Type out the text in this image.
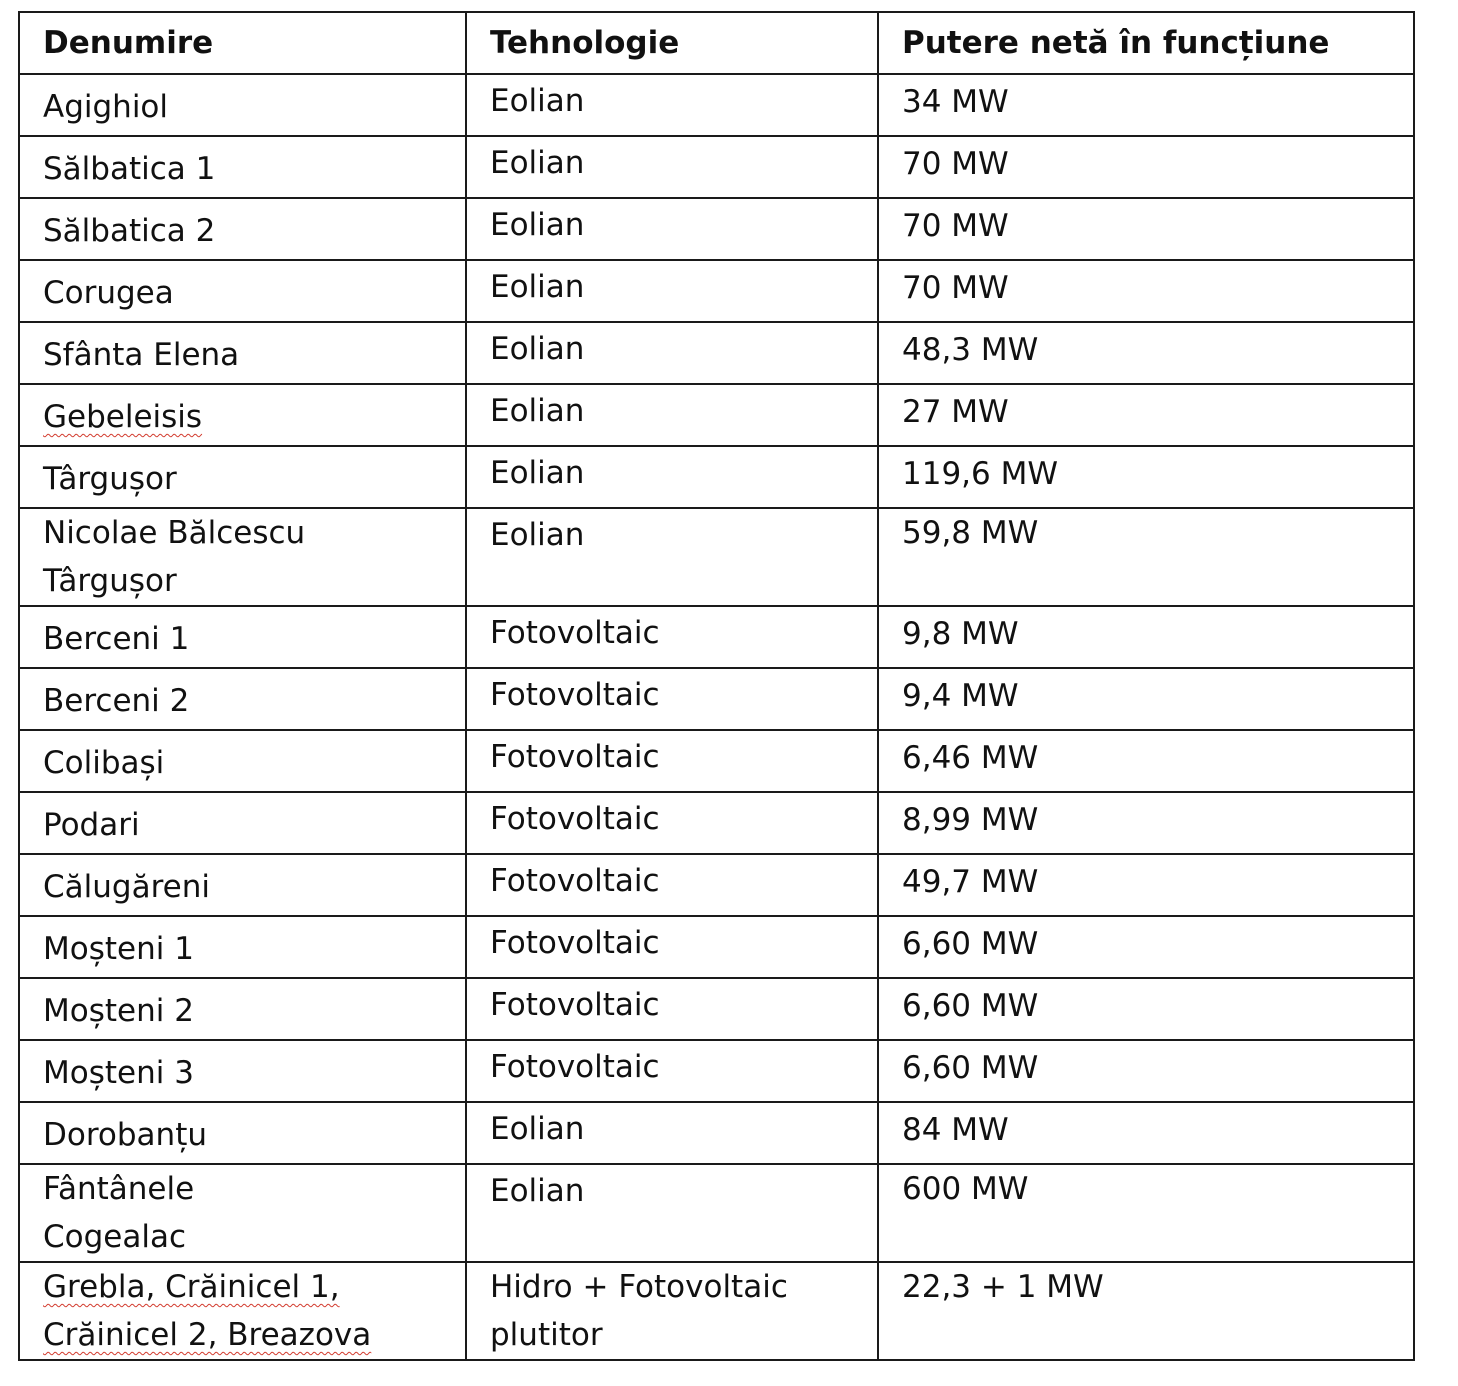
Denumire	Tehnologie	Putere netă în funcțiune

Agighiol	Eolian	34 MW

Sălbatica 1	Eolian	70 MW

Sălbatica 2	Eolian	70 MW

Corugea	Eolian	70 MW

Sfânta Elena	Eolian	48,3 MW

Gebeleisis	Eolian	27 MW

Târgușor	Eolian	119,6 MW

Nicolae Bălcescu Târgușor	Eolian	59,8 MW

Berceni 1	Fotovoltaic	9,8 MW

Berceni 2	Fotovoltaic	9,4 MW

Colibași	Fotovoltaic	6,46 MW

Podari	Fotovoltaic	8,99 MW

Călugăreni	Fotovoltaic	49,7 MW

Moșteni 1	Fotovoltaic	6,60 MW

Moșteni 2	Fotovoltaic	6,60 MW

Moșteni 3	Fotovoltaic	6,60 MW

Dorobanțu	Eolian	84 MW

Fântânele Cogealac	Eolian	600 MW
Grebla, Crăinicel 1, Crăinicel 2, Breazova	Hidro + Fotovoltaic plutitor	22,3 + 1 MW
